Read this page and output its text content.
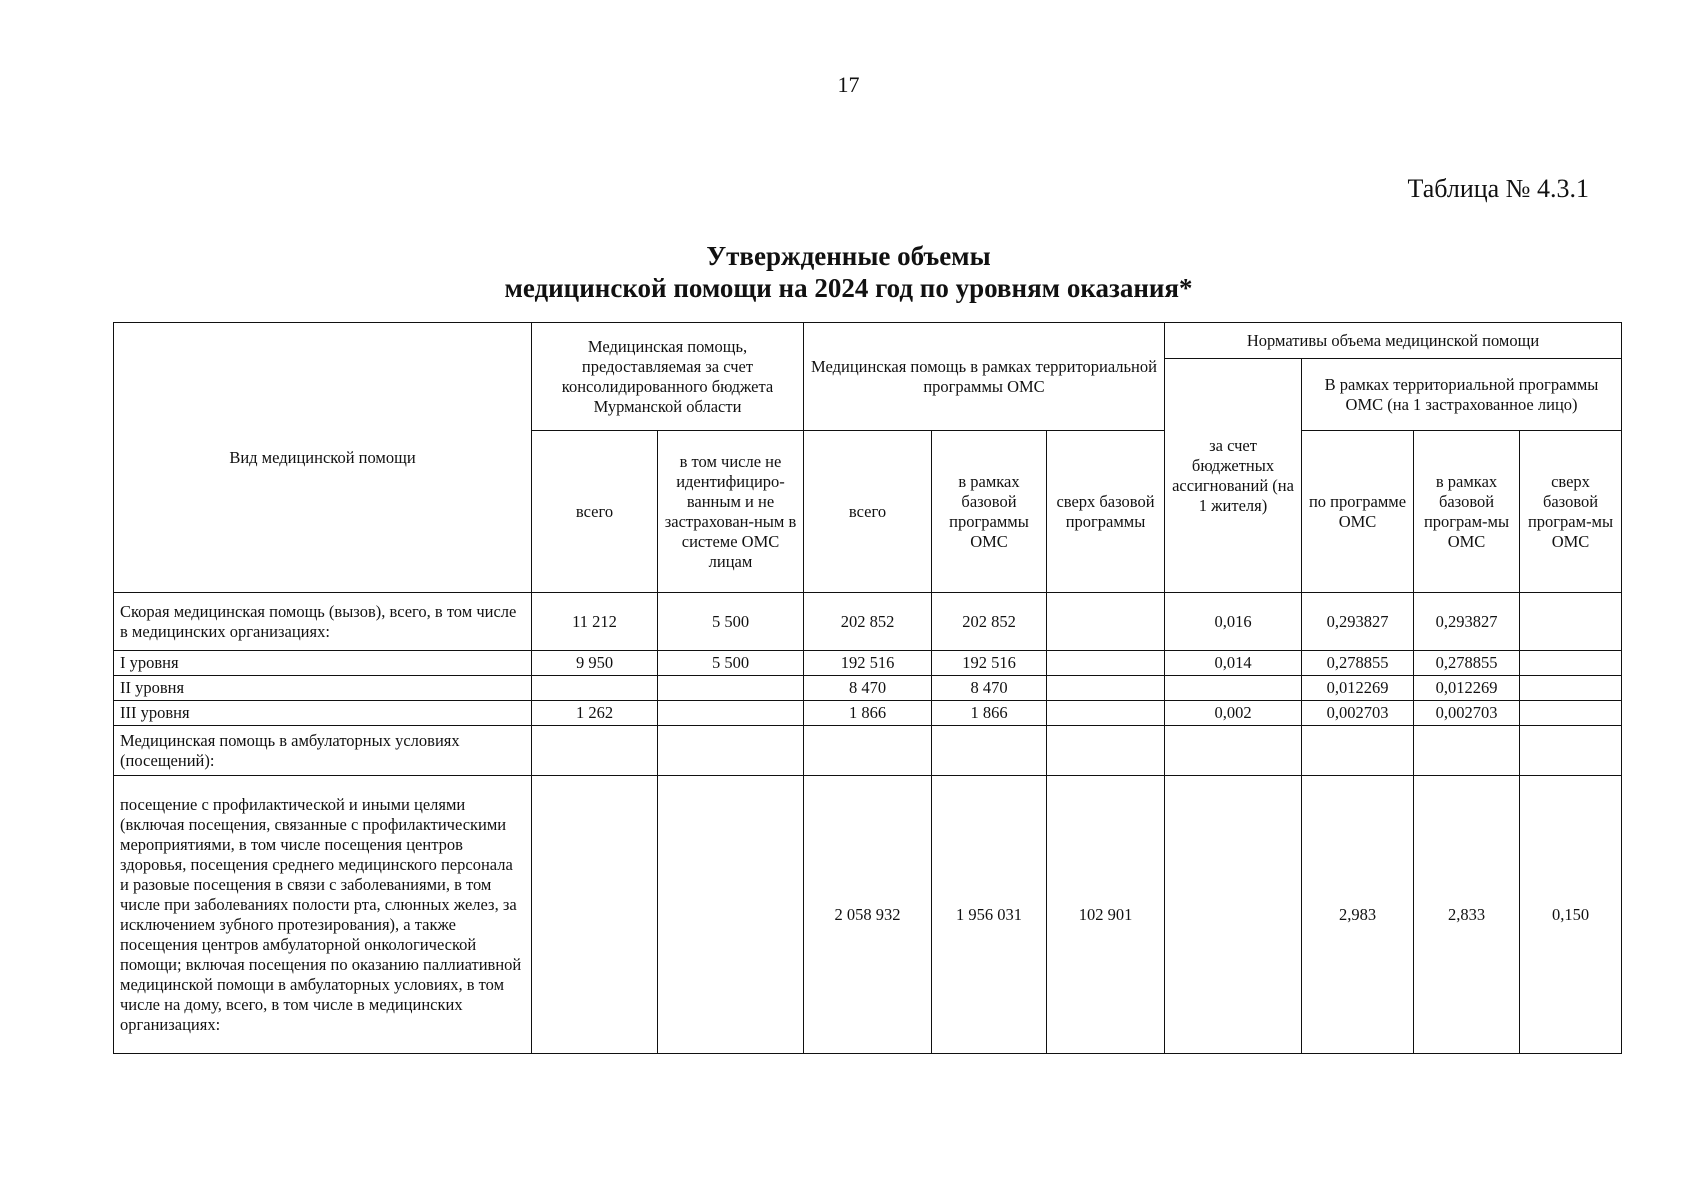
17
Таблица № 4.3.1
Утвержденные объемы
медицинской помощи на 2024 год по уровням оказания*
Вид медицинской помощи	Медицинская помощь, предоставляемая за счет консолидированного бюджета Мурманской области		Медицинская помощь в рамках территориальной программы ОМС			Нормативы объема медицинской помощи			
						за счет бюджетных ассигнований (на 1 жителя)	В рамках территориальной программы ОМС (на 1 застрахованное лицо)		
	всего	в том числе не идентифициро-ванным и не застрахован-ным в системе ОМС лицам	всего	в рамках базовой программы ОМС	сверх базовой программы		по программе ОМС	в рамках базовой програм-мы ОМС	сверх базовой програм-мы ОМС
Скорая медицинская помощь (вызов), всего, в том числе в медицинских организациях:	11 212	5 500	202 852	202 852		0,016	0,293827	0,293827	
I уровня	9 950	5 500	192 516	192 516		0,014	0,278855	0,278855	
II уровня			8 470	8 470			0,012269	0,012269	
III уровня	1 262		1 866	1 866		0,002	0,002703	0,002703	
Медицинская помощь в амбулаторных условиях (посещений):									
посещение с профилактической и иными целями (включая посещения, связанные с профилактическими мероприятиями, в том числе посещения центров здоровья, посещения среднего медицинского персонала и разовые посещения в связи с заболеваниями, в том числе при заболеваниях полости рта, слюнных желез, за исключением зубного протезирования), а также посещения центров амбулаторной онкологической помощи; включая посещения по оказанию паллиативной медицинской помощи в амбулаторных условиях, в том числе на дому, всего, в том числе в медицинских организациях:			2 058 932	1 956 031	102 901		2,983	2,833	0,150
